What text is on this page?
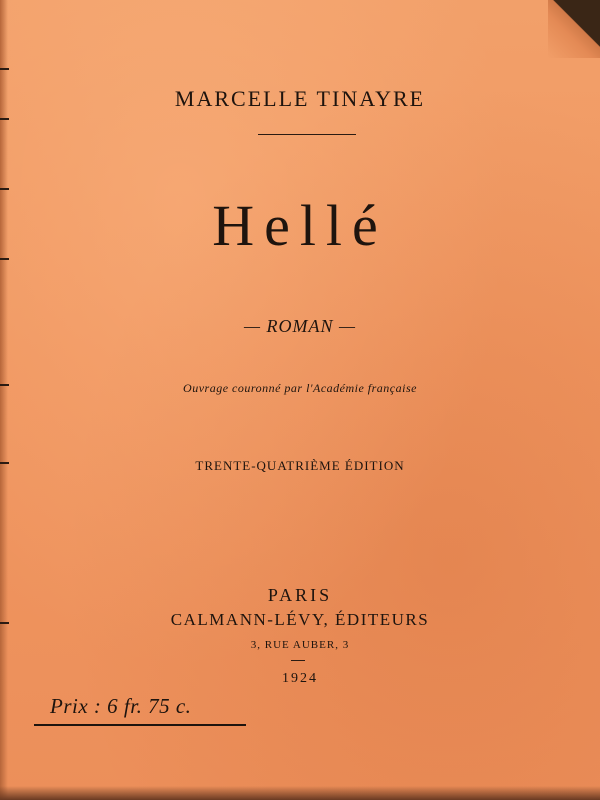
MARCELLE TINAYRE
Hellé
— ROMAN —
Ouvrage couronné par l'Académie française
TRENTE-QUATRIÈME ÉDITION
PARIS
CALMANN-LÉVY, ÉDITEURS
3, RUE AUBER, 3
1924
Prix : 6 fr. 75 c.
